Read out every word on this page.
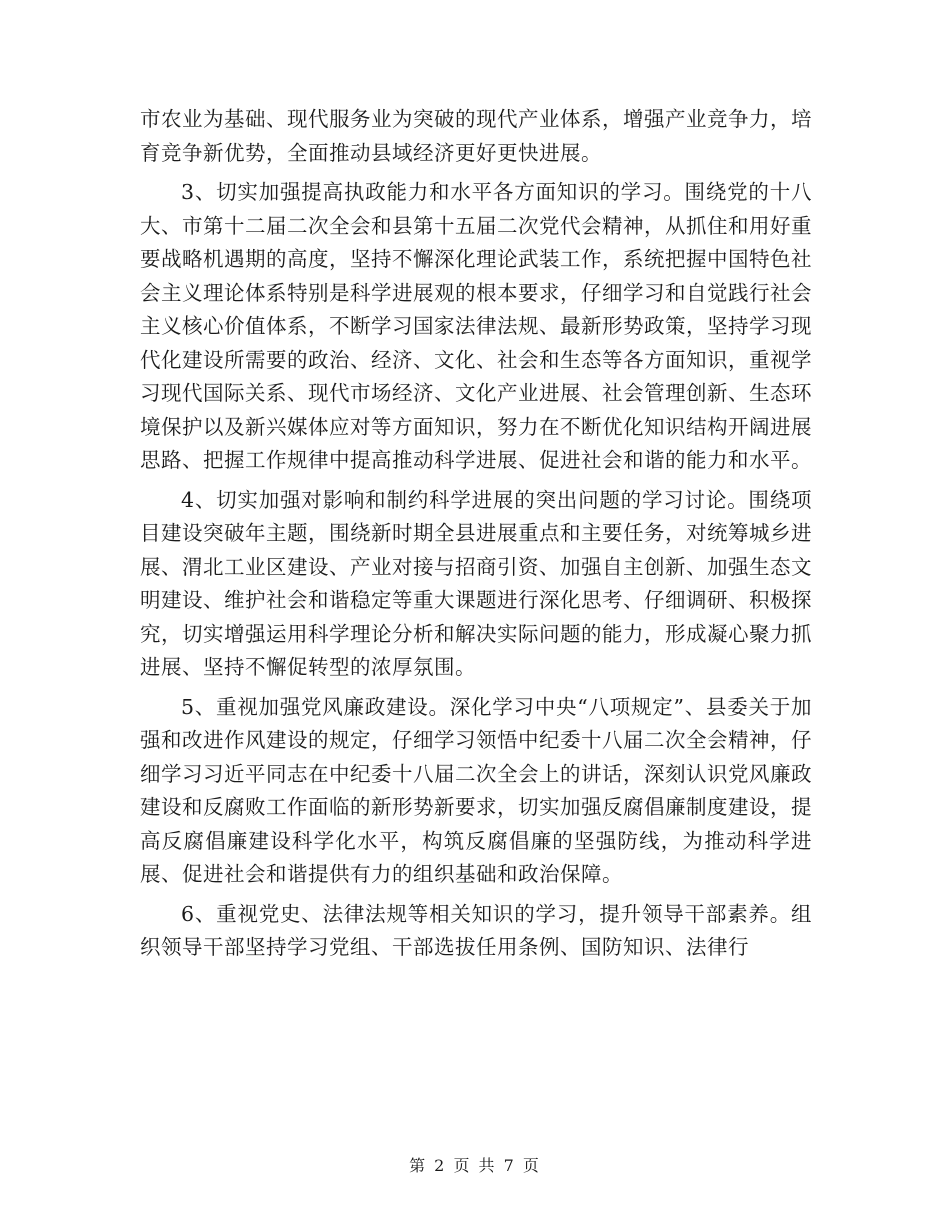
市农业为基础、现代服务业为突破的现代产业体系，增强产业竞争力，培育竞争新优势，全面推动县域经济更好更快进展。

3、切实加强提高执政能力和水平各方面知识的学习。围绕党的十八大、市第十二届二次全会和县第十五届二次党代会精神，从抓住和用好重要战略机遇期的高度，坚持不懈深化理论武装工作，系统把握中国特色社会主义理论体系特别是科学进展观的根本要求，仔细学习和自觉践行社会主义核心价值体系，不断学习国家法律法规、最新形势政策，坚持学习现代化建设所需要的政治、经济、文化、社会和生态等各方面知识，重视学习现代国际关系、现代市场经济、文化产业进展、社会管理创新、生态环境保护以及新兴媒体应对等方面知识，努力在不断优化知识结构开阔进展思路、把握工作规律中提高推动科学进展、促进社会和谐的能力和水平。

4、切实加强对影响和制约科学进展的突出问题的学习讨论。围绕项目建设突破年主题，围绕新时期全县进展重点和主要任务，对统筹城乡进展、渭北工业区建设、产业对接与招商引资、加强自主创新、加强生态文明建设、维护社会和谐稳定等重大课题进行深化思考、仔细调研、积极探究，切实增强运用科学理论分析和解决实际问题的能力，形成凝心聚力抓进展、坚持不懈促转型的浓厚氛围。

5、重视加强党风廉政建设。深化学习中央“八项规定”、县委关于加强和改进作风建设的规定，仔细学习领悟中纪委十八届二次全会精神，仔细学习习近平同志在中纪委十八届二次全会上的讲话，深刻认识党风廉政建设和反腐败工作面临的新形势新要求，切实加强反腐倡廉制度建设，提高反腐倡廉建设科学化水平，构筑反腐倡廉的坚强防线，为推动科学进展、促进社会和谐提供有力的组织基础和政治保障。

6、重视党史、法律法规等相关知识的学习，提升领导干部素养。组织领导干部坚持学习党组、干部选拔任用条例、国防知识、法律行

第 2 页 共 7 页
